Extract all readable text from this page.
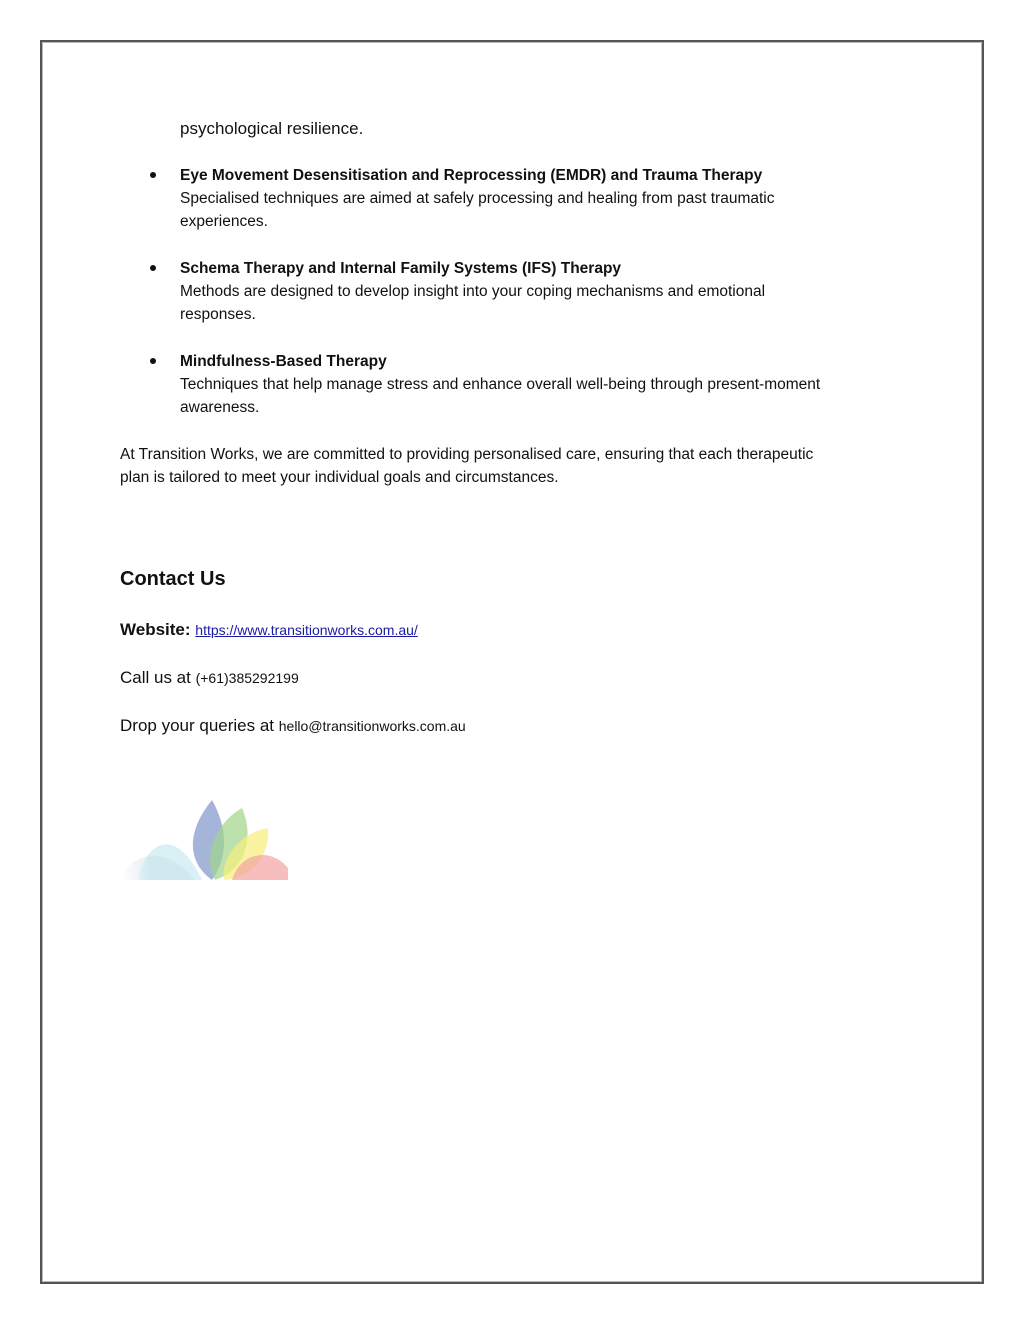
psychological resilience.

Eye Movement Desensitisation and Reprocessing (EMDR) and Trauma Therapy
Specialised techniques are aimed at safely processing and healing from past traumatic
experiences.
Schema Therapy and Internal Family Systems (IFS) Therapy
Methods are designed to develop insight into your coping mechanisms and emotional
responses.
Mindfulness-Based Therapy
Techniques that help manage stress and enhance overall well-being through present-moment
awareness.

At Transition Works, we are committed to providing personalised care, ensuring that each therapeutic
plan is tailored to meet your individual goals and circumstances.

Contact Us

Website: https://www.transitionworks.com.au/

Call us at (+61)385292199

Drop your queries at hello@transitionworks.com.au
